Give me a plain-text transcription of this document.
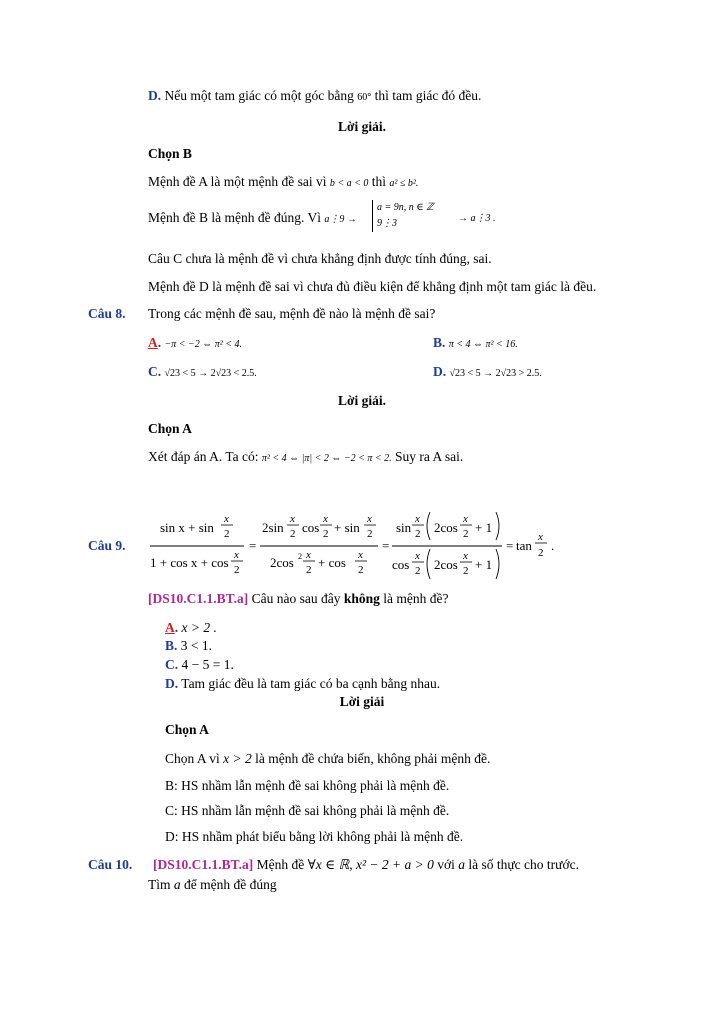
D. Nếu một tam giác có một góc bằng 60° thì tam giác đó đều.
Lời giải.
Chọn B
Mệnh đề A là một mệnh đề sai vì b < a < 0 thì a² ≤ b².
Mệnh đề B là mệnh đề đúng. Vì a⋮9 →
a = 9n, n ∈ ℤ
9⋮3	→ a⋮3 .
Câu C chưa là mệnh đề vì chưa khẳng định được tính đúng, sai.
Mệnh đề D là mệnh đề sai vì chưa đủ điều kiện để khẳng định một tam giác là đều.
Câu 8. Trong các mệnh đề sau, mệnh đề nào là mệnh đề sai?
A. −π < −2 ⇔ π² < 4.	B. π < 4 ⇔ π² < 16.
C. √23 < 5 → 2√23 < 2.5.	D. √23 < 5 → 2√23 > 2.5.
Lời giải.
Chọn A
Xét đáp án A. Ta có: π² < 4 ⇔ |π| < 2 ⇔ −2 < π < 2. Suy ra A sai.
Câu 9.
sin x + sin
x
2
1 + cos x + cos x
2
=
2sin
x
2 cos
x
2 + sin
x
2
2cos 2 x
2 + cos x
2
=
sin
x
2 2cos
x
2 + 1
cos
x
2 2cos
x
2 + 1
= tan
x
2 .
[DS10.C1.1.BT.a] Câu nào sau đây không là mệnh đề?
A. x > 2 .
B. 3 < 1.
C. 4 − 5 = 1.
D. Tam giác đều là tam giác có ba cạnh bằng nhau.
Lời giải
Chọn A
Chọn A vì x > 2 là mệnh đề chứa biến, không phải mệnh đề.
B: HS nhầm lẫn mệnh đề sai không phải là mệnh đề.
C: HS nhầm lẫn mệnh đề sai không phải là mệnh đề.
D: HS nhầm phát biểu bằng lời không phải là mệnh đề.
Câu 10. [DS10.C1.1.BT.a] Mệnh đề ∀x ∈ ℝ, x² − 2 + a > 0 với a là số thực cho trước.
Tìm a để mệnh đề đúng
